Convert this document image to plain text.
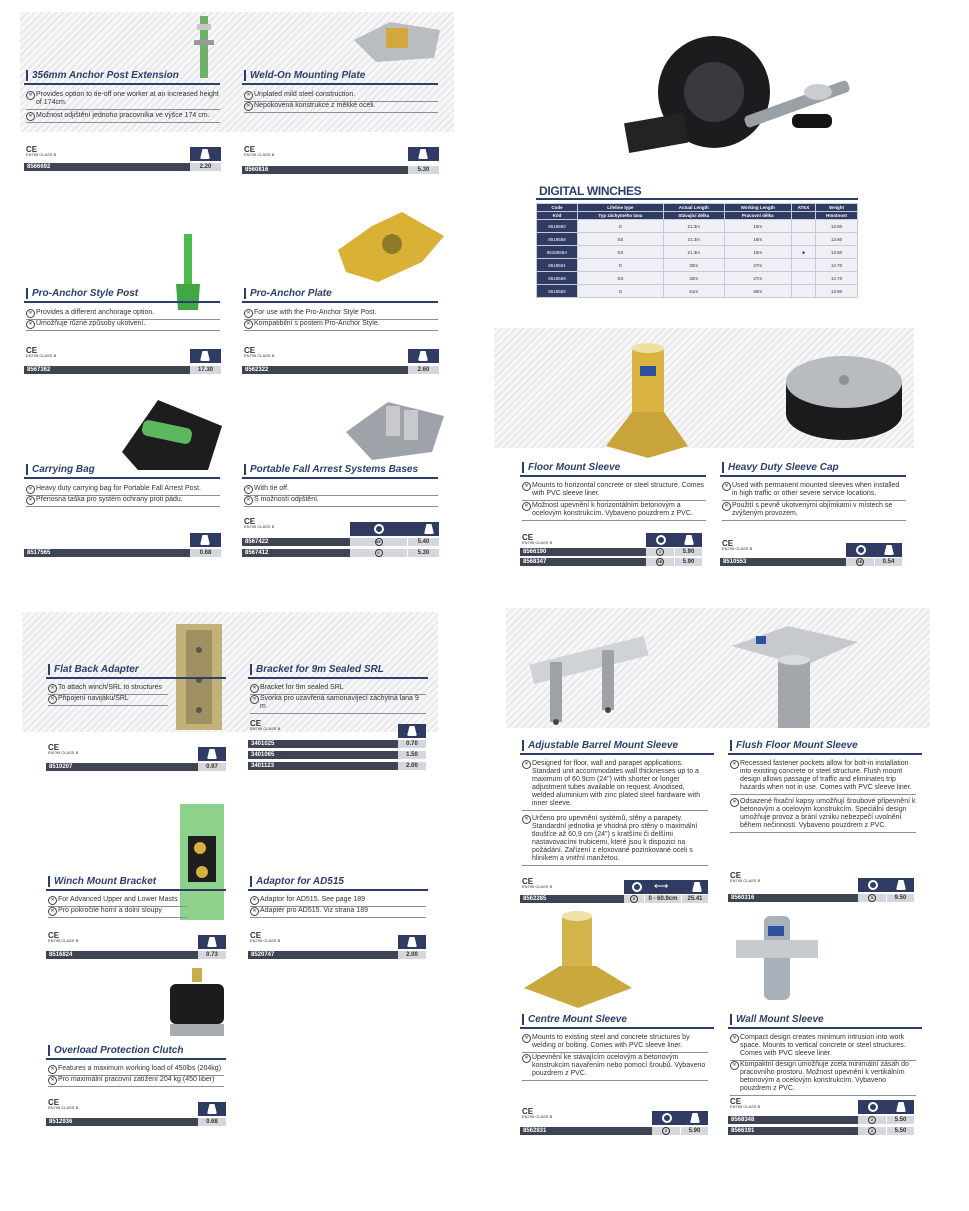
356mm Anchor Post Extension
✕ Provides option to tie-off one worker at an increased height of 174cm.
✕ Možnost odjištění jednoho pracovníka ve výšce 174 cm.
CE
EN795 CLASS B
8566692	2.20
Weld-On Mounting Plate
✕ Unplated mild steel construction.
✕ Nepokovená konstrukce z měkké oceli.
CE
EN795 CLASS B
8560816	5.30
Pro-Anchor Style Post
✕ Provides a different anchorage option.
✕ Umožňuje různé způsoby ukotvení.
CE
EN795 CLASS B
8567362	17.30
Pro-Anchor Plate
✕ For use with the Pro-Anchor Style Post.
✕ Kompatibilní s postem Pro-Anchor Style.
CE
EN795 CLASS B
8562322	2.60
Carrying Bag
✕ Heavy duty carrying bag for Portable Fall Arrest Post.
✕ Přenosná taška pro systém ochrany proti pádu.
8517565	0.68
Portable Fall Arrest Systems Bases
✕ With tie off.
✕ S možností odjištění.
CE
EN795 CLASS B
8567422	6E	5.40
8567412	6	5.30
DIGITAL WINCHES
Code	Lifeline type	Actual Length	Working Length	ATEX	Weight
Kód	Typ záchytného lana	Stávající délka	Pracovní délka		Hmotnost
8518560	G	21.3m	18m		13.80
8518558	SS	21.3m	18m		13.80
8518558A	SS	21.3m	18m	■	13.80
8518561	G	30m	27m		14.70
8518559	SS	30m	27m		14.70
8518582	G	61m	58m		13.80
Floor Mount Sleeve
✕ Mounts to horizontal concrete or steel structure. Comes with PVC sleeve liner.
✕ Možnost upevnění k horizontálním betonovým a ocelovým konstrukcím. Vybaveno pouzdrem z PVC.
CE
EN795 CLASS B
8566190	2	5.90
8568347	6E	5.90
Heavy Duty Sleeve Cap
✕ Used with permanent mounted sleeves when installed in high traffic or other severe service locations.
✕ Použití s pevně ukotvenými objímkami v místech se zvýšeným provozem.
CE
EN795 CLASS B
8510553	6E	0.54
Flat Back Adapter
✕ To attach winch/SRL to structures
✕ Připojení navijáku/SRL
CE
EN795 CLASS B
8510207	0.97
Bracket for 9m Sealed SRL
✕ Bracket for 9m sealed SRL
✕ Svorka pro uzavřená samonavíjecí záchytná lana 9 m
CE
EN795 CLASS B
3401025	0.70
3401065	1.50
3401123	2.00
Winch Mount Bracket
✕ For Advanced Upper and Lower Masts
✕ Pro pokročilé horní a dolní sloupy
CE
EN795 CLASS B
8516824	0.73
Adaptor for AD515
✕ Adaptor for AD515. See page 189
✕ Adaptér pro AD515. Viz strana 189
CE
EN795 CLASS B
8520747	2.00
Overload Protection Clutch
✕ Features a maximum working load of 450lbs (204kg)
✕ Pro maximální pracovní zatížení 204 kg (450 liber)
CE
EN795 CLASS B
8512936	0.68
Adjustable Barrel Mount Sleeve
✕ Designed for floor, wall and parapet applications. Standard unit accommodates wall thicknesses up to a maximum of 60.9cm (24") with shorter or longer adjustment tubes available on request. Anodised, welded aluminium with zinc plated steel hardware with inner sleeve.
✕ Určeno pro upevnění systémů, stěny a parapety. Standardní jednotka je vhodná pro stěny o maximální tloušťce až 60,9 cm (24") s kratšími či delšími nastavovacími trubicemi, které jsou k dispozici na požádání. Zařízení z eloxované pozinkované oceli s hliníkem a vnitřní manžetou.
CE
EN795 CLASS B	⟷
8562285	X	0 - 60.9cm	25.41
Flush Floor Mount Sleeve
✕ Recessed fastener pockets allow for bolt-in installation into existing concrete or steel structure. Flush mount design allows passage of traffic and eliminates trip hazards when not in use. Comes with PVC sleeve liner.
✕ Odsazené fixační kapsy umožňují šroubové připevnění k betonovým a ocelovým konstrukcím. Speciální design umožňuje provoz a brání vzniku nebezpečí uvolnění během nečinnosti. Vybaveno pouzdrem z PVC.
CE
EN795 CLASS B
8560316	5	9.50
Centre Mount Sleeve
✕ Mounts to existing steel and concrete structures by welding or bolting. Comes with PVC sleeve liner.
✕ Upevnění ke stávajícím ocelovým a betonovým konstrukcím navařením nebo pomocí šroubů. Vybaveno pouzdrem z PVC.
CE
EN795 CLASS B
8562831	2	5.90
Wall Mount Sleeve
✕ Compact design creates minimum intrusion into work space. Mounts to vertical concrete or steel structures. Comes with PVC sleeve liner.
✕ Kompaktní design umožňuje zcela minimální zásah do pracovního prostoru. Možnost upevnění k vertikálním betonovým a ocelovým konstrukcím. Vybaveno pouzdrem z PVC.
CE
EN795 CLASS B
8568348	2	5.50
8566191	2	5.50
